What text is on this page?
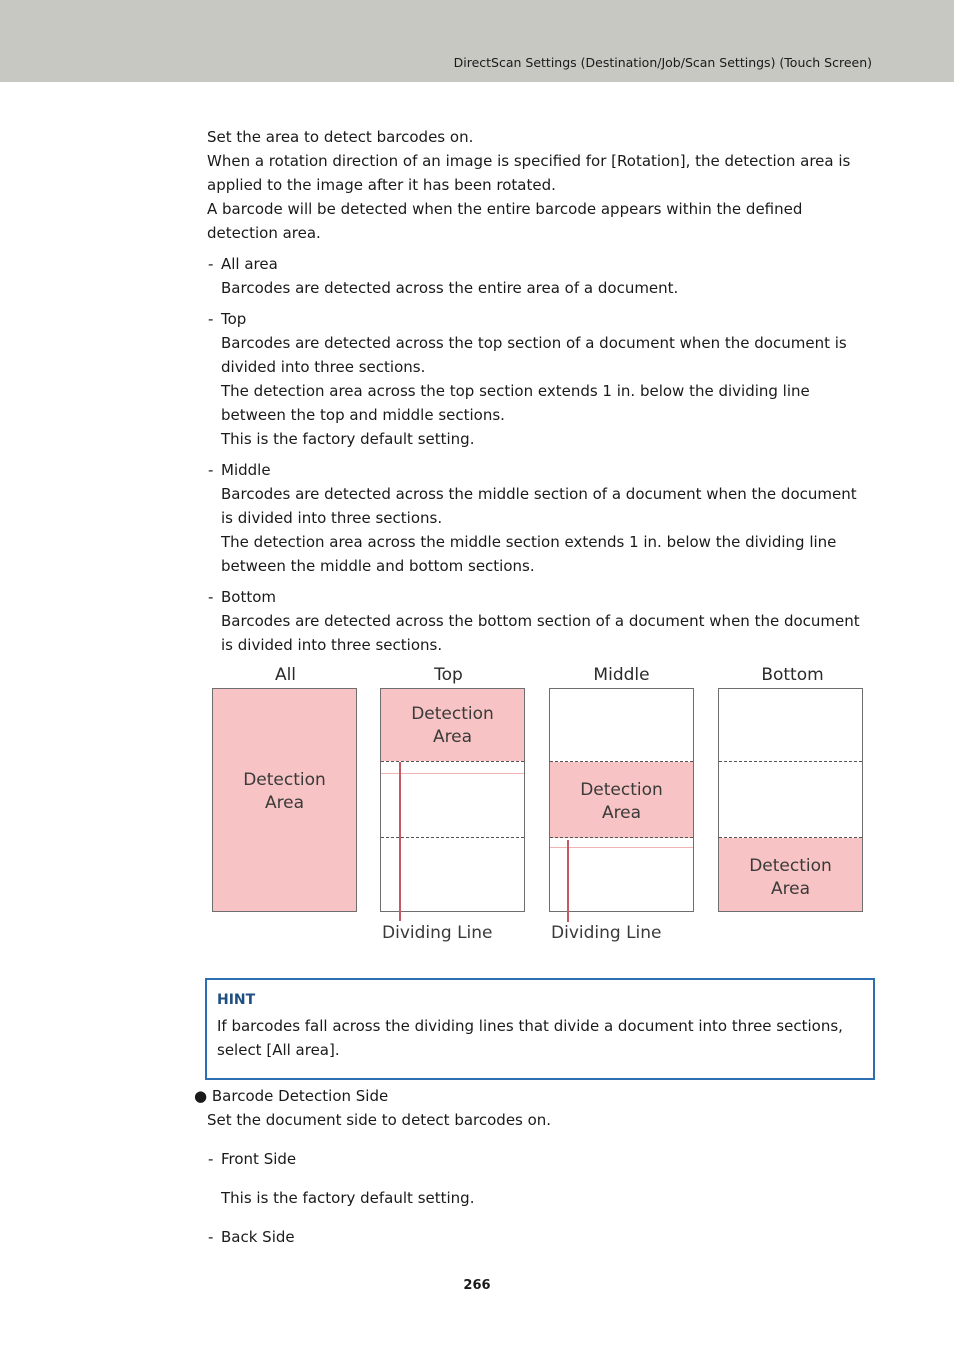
DirectScan Settings (Destination/Job/Scan Settings) (Touch Screen)

Set the area to detect barcodes on.

When a rotation direction of an image is specified for [Rotation], the detection area is applied to the image after it has been rotated.

A barcode will be detected when the entire barcode appears within the defined detection area.

- All area

Barcodes are detected across the entire area of a document.

- Top

Barcodes are detected across the top section of a document when the document is divided into three sections.

The detection area across the top section extends 1 in. below the dividing line between the top and middle sections.

This is the factory default setting.

- Middle

Barcodes are detected across the middle section of a document when the document is divided into three sections.

The detection area across the middle section extends 1 in. below the dividing line between the middle and bottom sections.

- Bottom

Barcodes are detected across the bottom section of a document when the document is divided into three sections.

All	Top	Middle	Bottom
Detection
Area
Detection
Area
Detection
Area
Detection
Area
Dividing Line	Dividing Line
HINT
If barcodes fall across the dividing lines that divide a document into three sections, select [All area].
● Barcode Detection Side
Set the document side to detect barcodes on.
- Front Side

This is the factory default setting.

- Back Side

266
